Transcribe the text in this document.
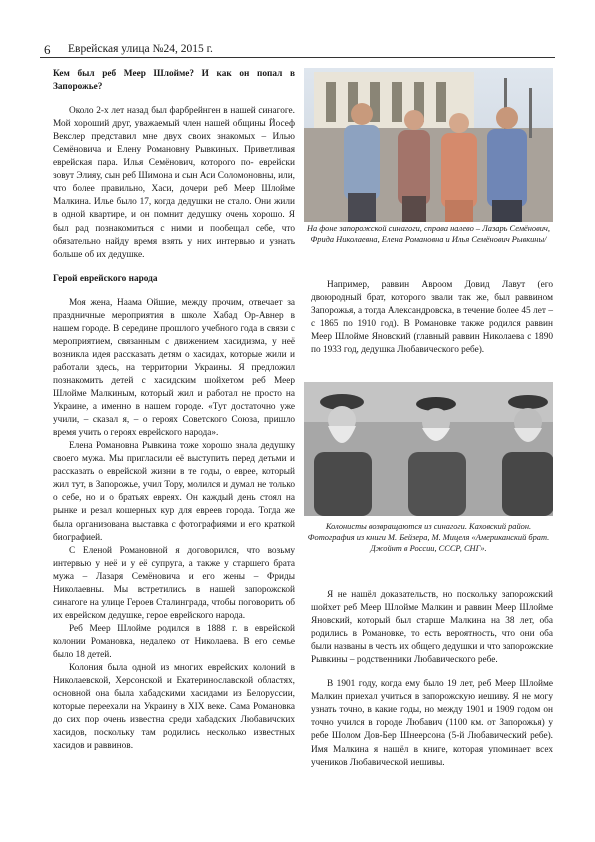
6 Еврейская улица №24, 2015 г.

Кем был реб Меер Шлойме? И как он попал в Запорожье?

Около 2-х лет назад был фарбрейнген в нашей синагоге. Мой хороший друг, уважаемый член нашей общины Йосеф Векслер представил мне двух своих знакомых – Илью Семёновича и Елену Романовну Рывкиных. Приветливая еврейская пара. Илья Семёнович, которого по- еврейски зовут Элияу, сын реб Шимона и сын Аси Соломоновны, или, что более правильно, Хаси, дочери реб Меер Шлойме Малкина. Илье было 17, когда дедушки не стало. Они жили в одной квартире, и он помнит дедушку очень хорошо. Я был рад познакомиться с ними и пообещал себе, что обязательно найду время взять у них интервью и узнать больше об их дедушке.

Герой еврейского народа

Моя жена, Наама Ойшие, между прочим, отвечает за праздничные мероприятия в школе Хабад Ор-Авнер в нашем городе. В середине прошлого учебного года в связи с мероприятием, связанным с движением хасидизма, у неё возникла идея рассказать детям о хасидах, которые жили и работали здесь, на территории Украины. Я предложил познакомить детей с хасидским шойхетом реб Меер Шлойме Малкиным, который жил и работал не просто на Украине, а именно в нашем городе. «Тут достаточно уже учили, – сказал я, – о героях Советского Союза, пришло время учить о героях еврейского народа».

Елена Романовна Рывкина тоже хорошо знала дедушку своего мужа. Мы пригласили её выступить перед детьми и рассказать о еврейской жизни в те годы, о еврее, который жил тут, в Запорожье, учил Тору, молился и думал не только о себе, но и о братьях евреях. Он каждый день стоял на рынке и резал кошерных кур для евреев города. Тогда же была организована выставка с фотографиями и его краткой биографией.

С Еленой Романовной я договорился, что возьму интервью у неё и у её супруга, а также у старшего брата мужа – Лазаря Семёновича и его жены – Фриды Николаевны. Мы встретились в нашей запорожской синагоге на улице Героев Сталинграда, чтобы поговорить об их еврейском дедушке, герое еврейского народа.

Реб Меер Шлойме родился в 1888 г. в еврейской колонии Романовка, недалеко от Николаева. В его семье было 18 детей.

Колония была одной из многих еврейских колоний в Николаевской, Херсонской и Екатеринославской областях, основной она была хабадскими хасидами из Белоруссии, которые переехали на Украину в XIX веке. Сама Романовка до сих пор очень известна среди хабадских Любавичских хасидов, поскольку там родились несколько известных хасидов и раввинов.

На фоне запорожской синагоги, справа налево – Лазарь Семёнович, Фрида Николаевна, Елена Романовна и Илья Семёнович Рывкины/

Например, раввин Авроом Довид Лавут (его двоюродный брат, которого звали так же, был раввином Запорожья, а тогда Александровска, в течение более 45 лет – с 1865 по 1910 год). В Романовке также родился раввин Меер Шлойме Яновский (главный раввин Николаева с 1890 по 1933 год, дедушка Любавического ребе).

Колонисты возвращаются из синагоги. Каховский район. Фотография из книги М. Бейзера, М. Мицеля «Американский брат. Джойнт в России, СССР, СНГ».

Я не нашёл доказательств, но поскольку запорожский шойхет реб Меер Шлойме Малкин и раввин Меер Шлойме Яновский, который был старше Малкина на 38 лет, оба родились в Романовке, то есть вероятность, что они оба были названы в честь их общего дедушки и что запорожские Рывкины – родственники Любавического ребе.

В 1901 году, когда ему было 19 лет, реб Меер Шлойме Малкин приехал учиться в запорожскую иешиву. Я не могу узнать точно, в какие годы, но между 1901 и 1909 годом он точно учился в городе Любавич (1100 км. от Запорожья) у ребе Шолом Дов-Бер Шнеерсона (5-й Любавический ребе). Имя Малкина я нашёл в книге, которая упоминает всех учеников Любавической иешивы.
